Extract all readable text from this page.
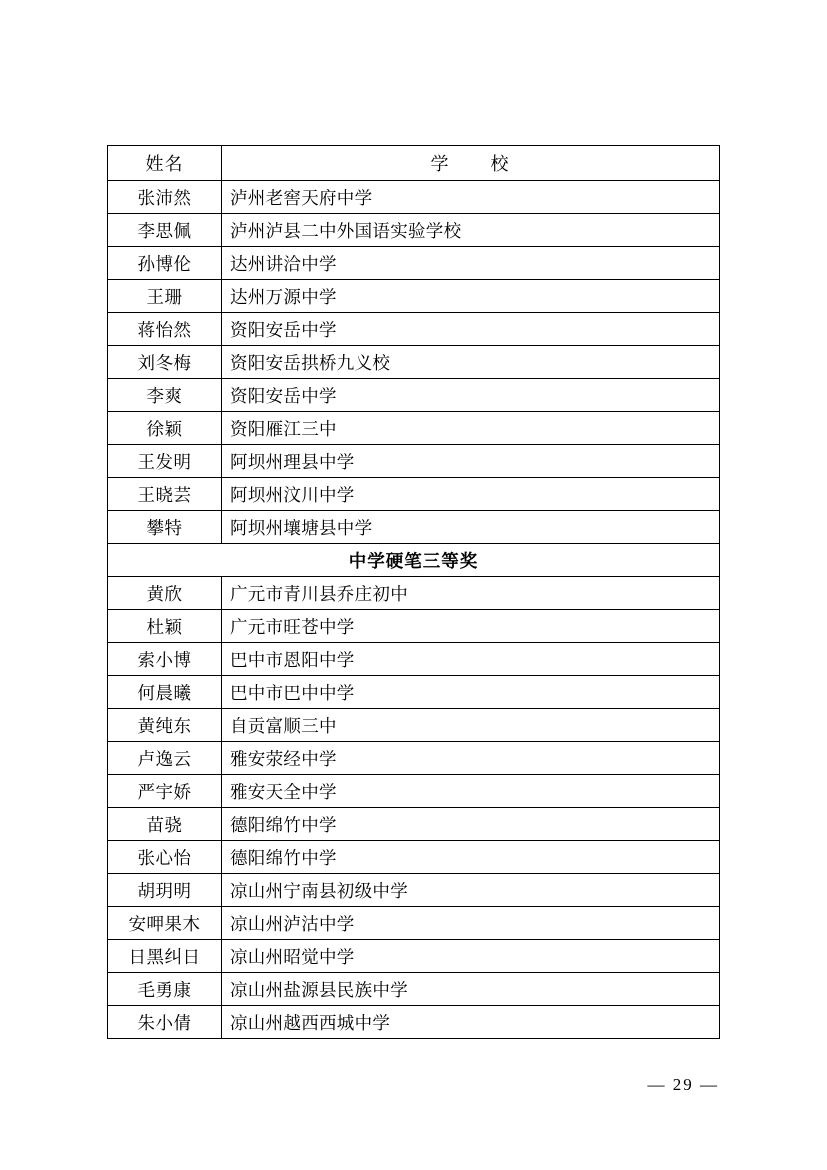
姓名	学　校
张沛然	泸州老窖天府中学
李思佩	泸州泸县二中外国语实验学校
孙博伦	达州讲洽中学
王珊	达州万源中学
蒋怡然	资阳安岳中学
刘冬梅	资阳安岳拱桥九义校
李爽	资阳安岳中学
徐颖	资阳雁江三中
王发明	阿坝州理县中学
王晓芸	阿坝州汶川中学
攀特	阿坝州壤塘县中学
中学硬笔三等奖	
黄欣	广元市青川县乔庄初中
杜颖	广元市旺苍中学
索小博	巴中市恩阳中学
何晨曦	巴中市巴中中学
黄纯东	自贡富顺三中
卢逸云	雅安荥经中学
严宇娇	雅安天全中学
苗骁	德阳绵竹中学
张心怡	德阳绵竹中学
胡玥明	凉山州宁南县初级中学
安呷果木	凉山州泸沽中学
日黑纠日	凉山州昭觉中学
毛勇康	凉山州盐源县民族中学
朱小倩	凉山州越西西城中学
— 29 —
